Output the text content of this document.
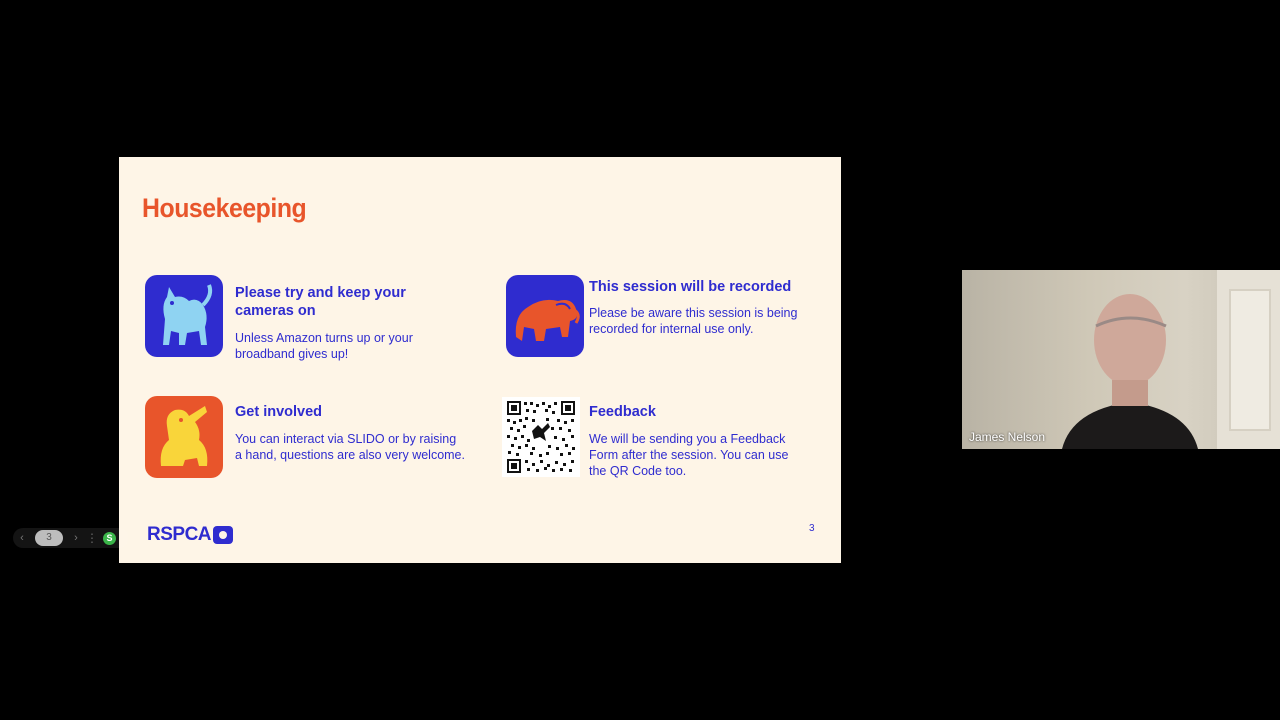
Housekeeping
Please try and keep your cameras on
Unless Amazon turns up or your broadband gives up!
This session will be recorded
Please be aware this session is being recorded for internal use only.
Get involved
You can interact via SLIDO or by raising a hand, questions are also very welcome.
Feedback
We will be sending you a Feedback Form after the session. You can use the QR Code too.
RSPCA	3
‹	3	› ⋮ S
James Nelson
